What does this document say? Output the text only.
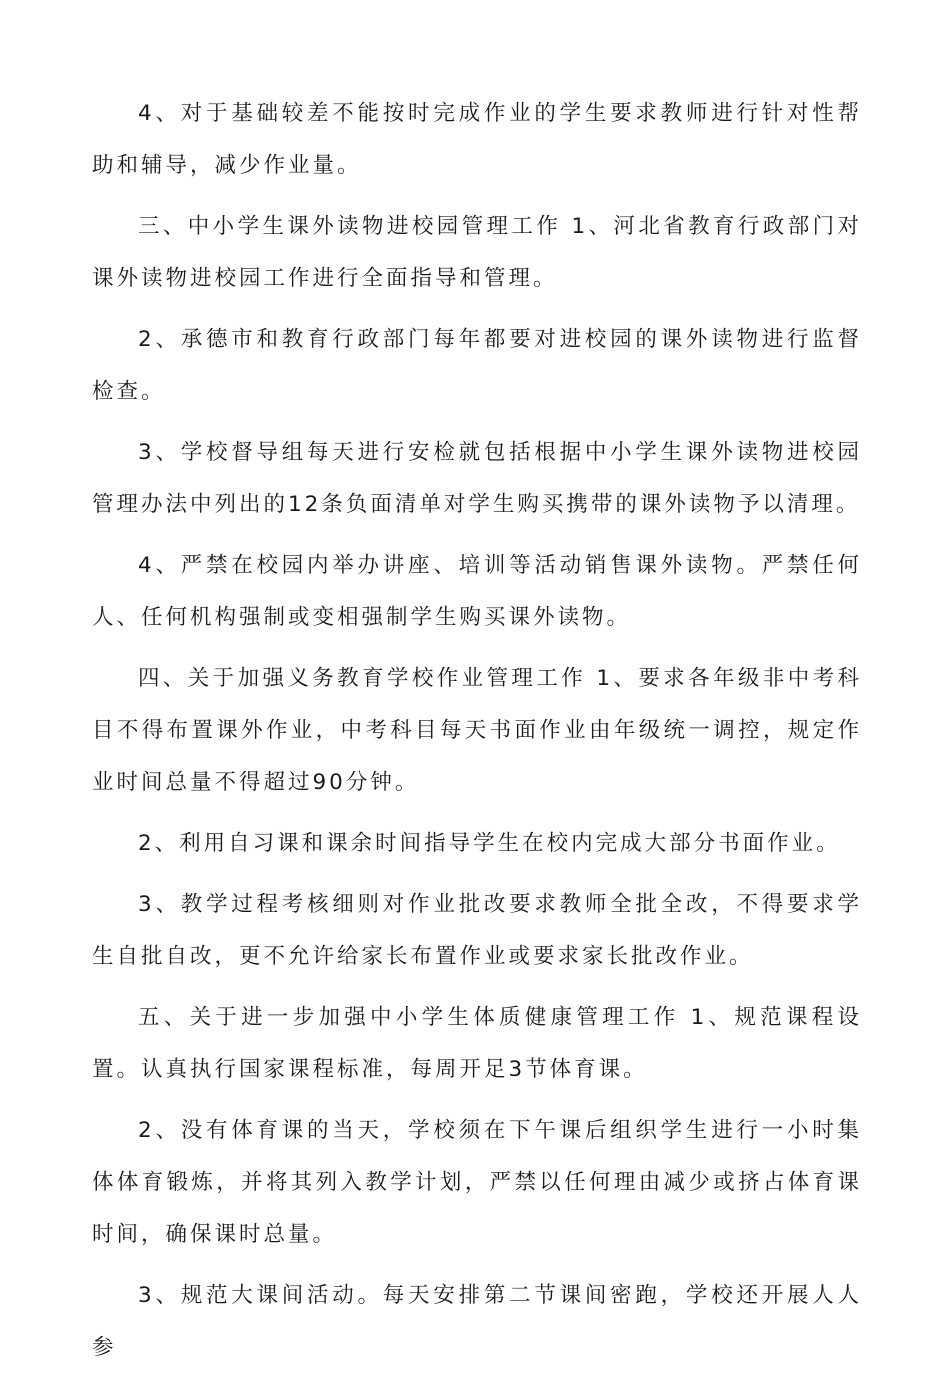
4、对于基础较差不能按时完成作业的学生要求教师进行针对性帮助和辅导，减少作业量。

三、中小学生课外读物进校园管理工作 1、河北省教育行政部门对课外读物进校园工作进行全面指导和管理。

2、承德市和教育行政部门每年都要对进校园的课外读物进行监督检查。

3、学校督导组每天进行安检就包括根据中小学生课外读物进校园管理办法中列出的12条负面清单对学生购买携带的课外读物予以清理。

4、严禁在校园内举办讲座、培训等活动销售课外读物。严禁任何人、任何机构强制或变相强制学生购买课外读物。

四、关于加强义务教育学校作业管理工作 1、要求各年级非中考科目不得布置课外作业，中考科目每天书面作业由年级统一调控，规定作业时间总量不得超过90分钟。

2、利用自习课和课余时间指导学生在校内完成大部分书面作业。

3、教学过程考核细则对作业批改要求教师全批全改，不得要求学生自批自改，更不允许给家长布置作业或要求家长批改作业。

五、关于进一步加强中小学生体质健康管理工作 1、规范课程设置。认真执行国家课程标准，每周开足3节体育课。

2、没有体育课的当天，学校须在下午课后组织学生进行一小时集体体育锻炼，并将其列入教学计划，严禁以任何理由减少或挤占体育课时间，确保课时总量。

3、规范大课间活动。每天安排第二节课间密跑，学校还开展人人参
